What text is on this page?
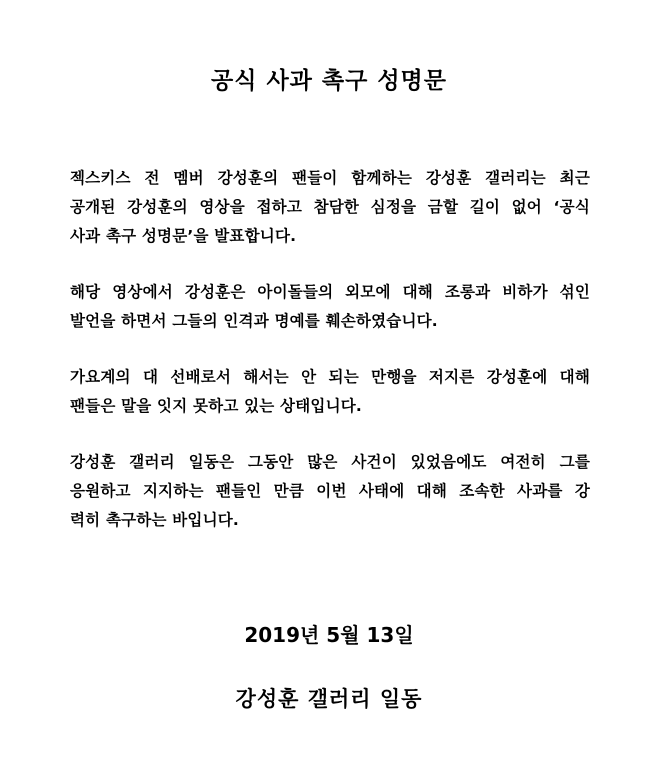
공식 사과 촉구 성명문
젝스키스 전 멤버 강성훈의 팬들이 함께하는 강성훈 갤러리는 최근
공개된 강성훈의 영상을 접하고 참담한 심정을 금할 길이 없어 ‘공식
사과 촉구 성명문’을 발표합니다.
해당 영상에서 강성훈은 아이돌들의 외모에 대해 조롱과 비하가 섞인
발언을 하면서 그들의 인격과 명예를 훼손하였습니다.
가요계의 대 선배로서 해서는 안 되는 만행을 저지른 강성훈에 대해
팬들은 말을 잇지 못하고 있는 상태입니다.
강성훈 갤러리 일동은 그동안 많은 사건이 있었음에도 여전히 그를
응원하고 지지하는 팬들인 만큼 이번 사태에 대해 조속한 사과를 강
력히 촉구하는 바입니다.
2019년 5월 13일
강성훈 갤러리 일동
